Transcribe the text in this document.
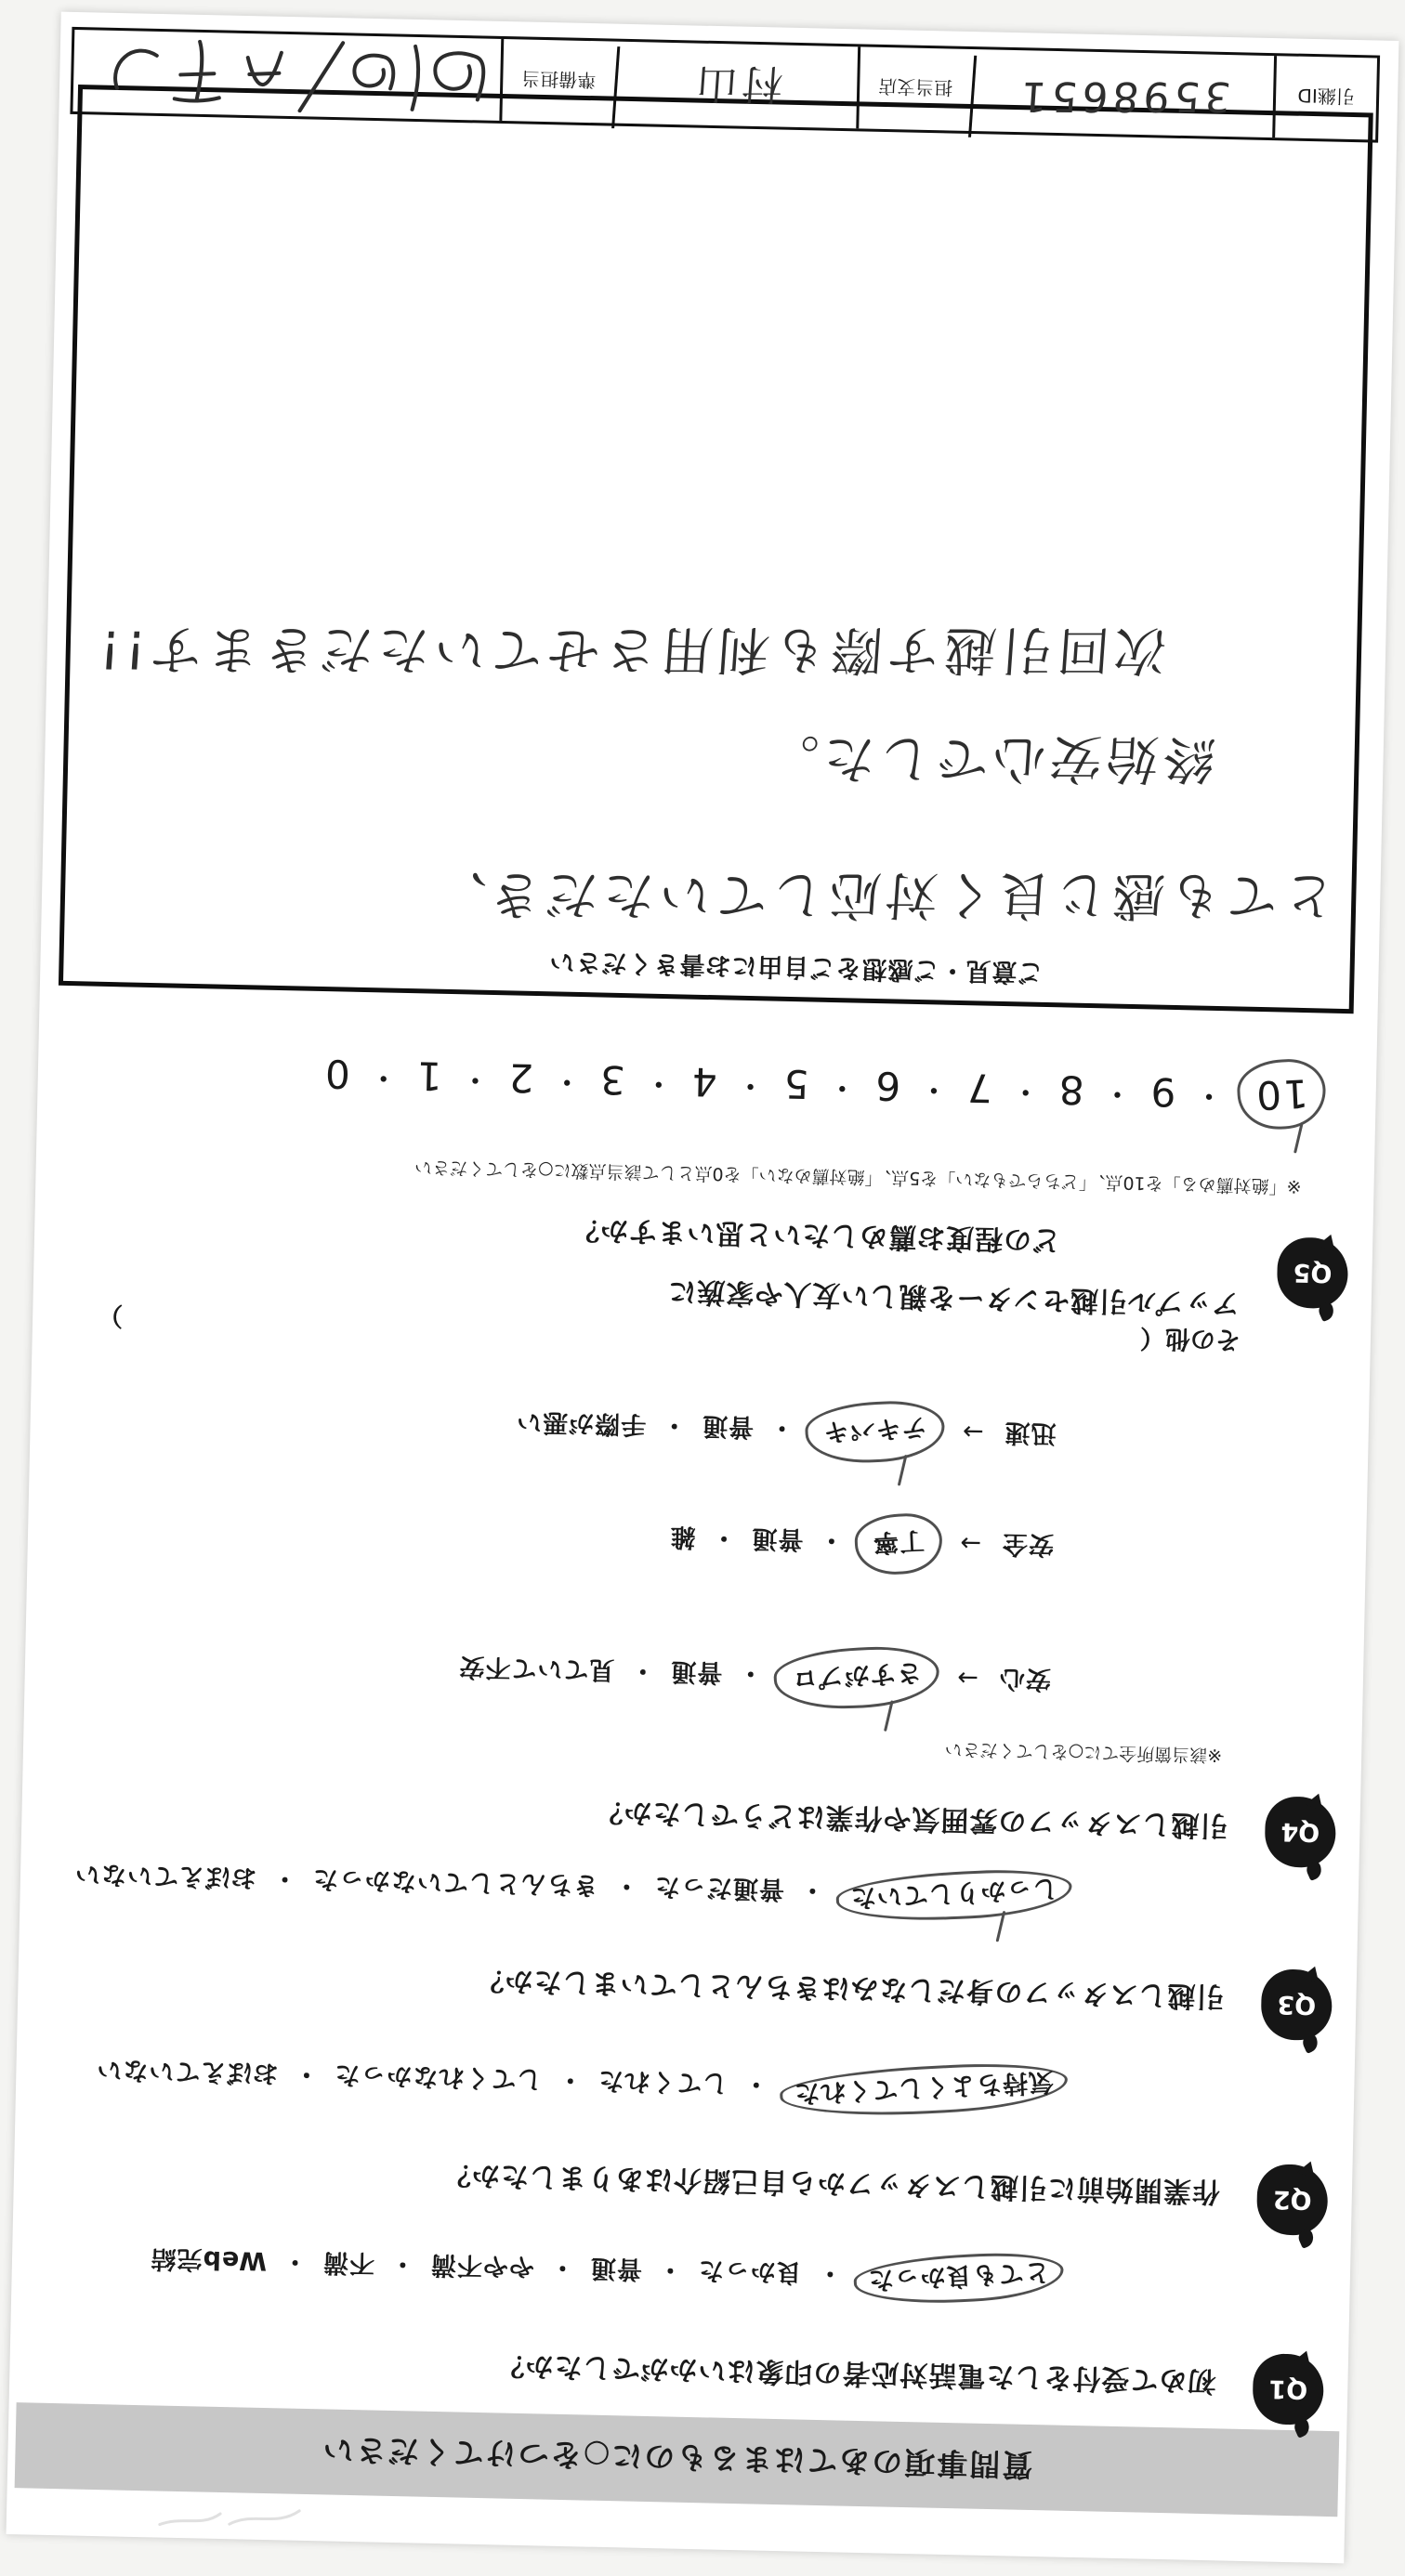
質問事項のあてはまるものに○をつけてください
Q1
初めて受付をした電話対応者の印象はいかがでしたか？
とても良かった・ 良かった・ 普通・ やや不満・ 不満・ Web完結
Q2
作業開始前に引越しスタッフから自己紹介はありましたか？
気持ちよくしてくれた・ してくれた・ してくれなかった・ おぼえていない
Q3
引越しスタッフの身だしなみはきちんとしていましたか？
しっかりしていた・ 普通だった・ きちんとしていなかった・ おぼえていない
Q4
引越しスタッフの雰囲気や作業はどうでしたか？
※該当箇所全てに○をしてください
安心→さすがプロ・ 普通・ 見ていて不安
安全→丁寧・ 普通・ 雑
迅速→テキパキ・ 普通・ 手際が悪い
その他（
）
Q5
アップル引越センターを親しい友人や家族に
どの程度お薦めしたいと思いますか？
※「絶対薦める」を10点、「どちらでもない」を5点、「絶対薦めない」を0点として該当点数に○をしてください
10・ 9・ 8・ 7・ 6・ 5・ 4・ 3・ 2・ 1・ 0
ご意見・ご感想をご自由にお書きください
とても感じ良く対応していただき、
終始安心でした。
次回引越す際も利用させていただきます!!
引継ID
3598651
担当支店
村山
準備担当
